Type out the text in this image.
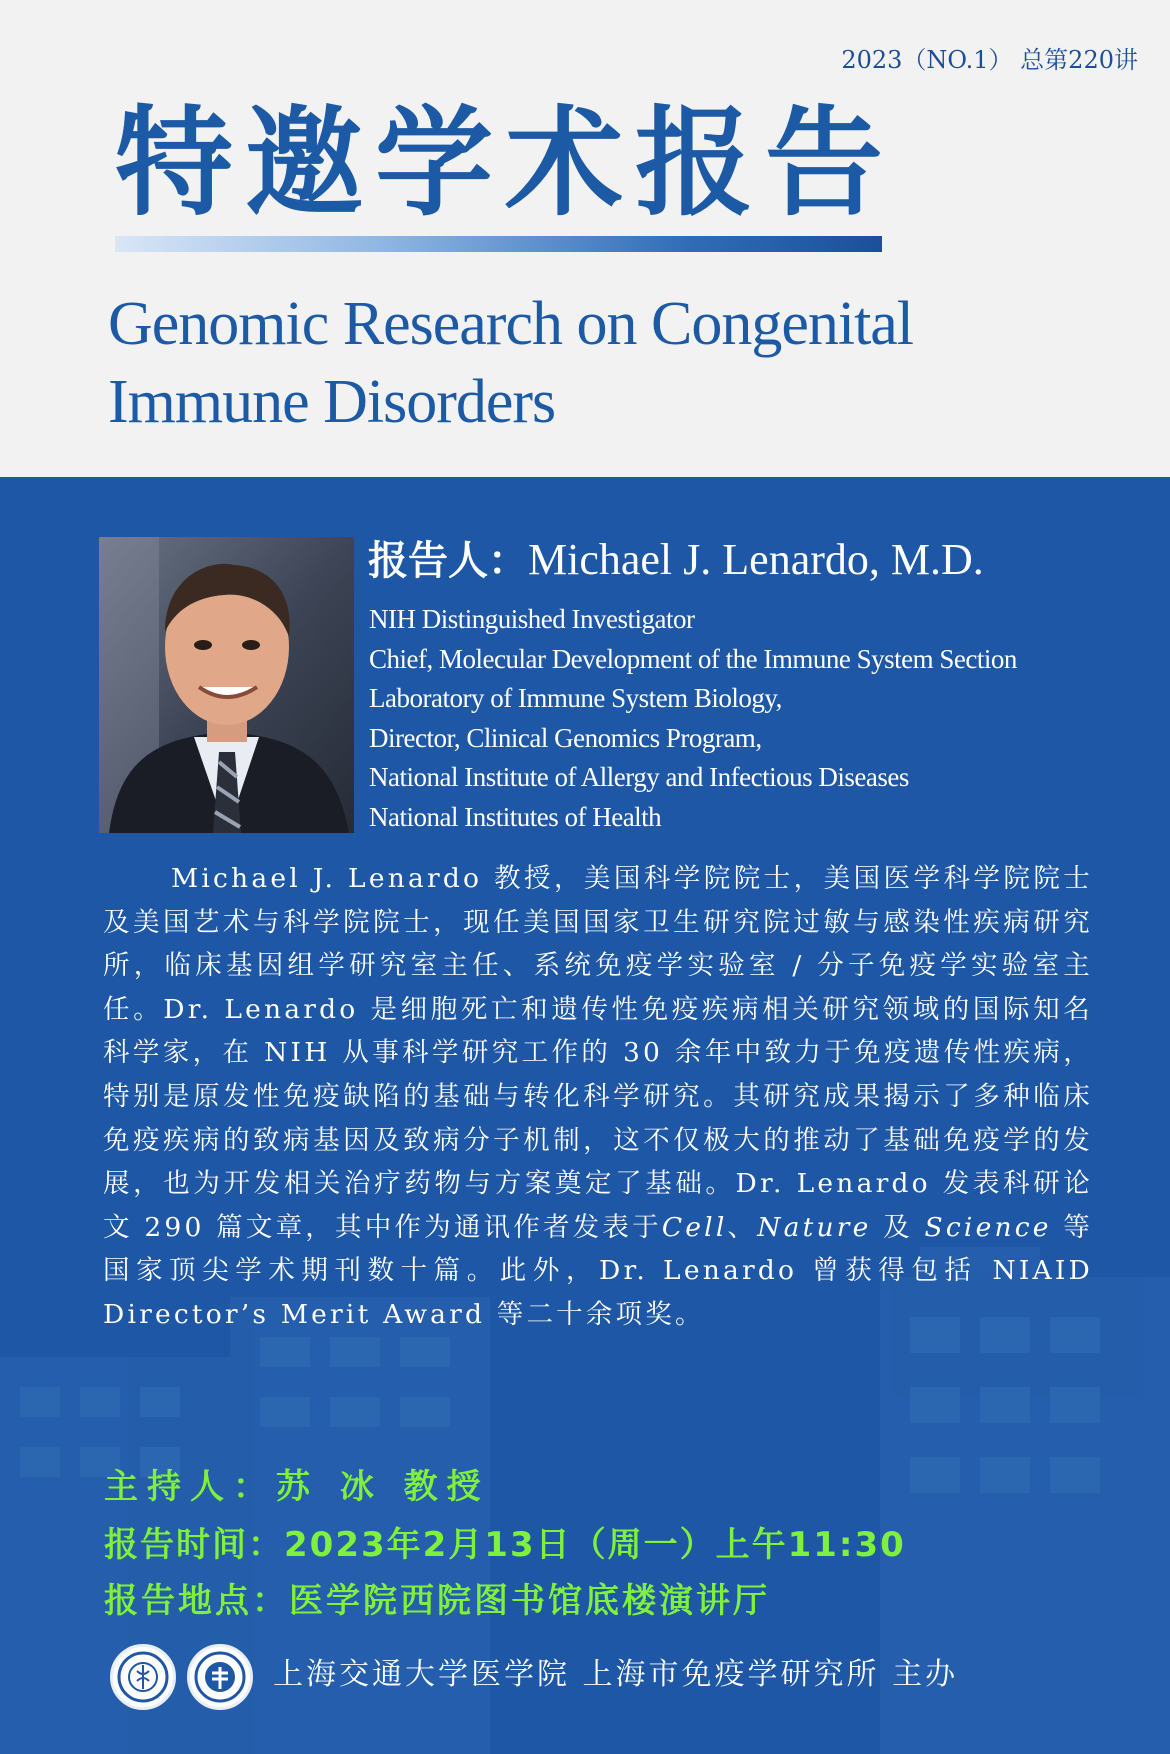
2023（NO.1） 总第220讲
特邀学术报告
Genomic Research on Congenital
Immune Disorders
报告人：Michael J. Lenardo, M.D.
NIH Distinguished Investigator
Chief, Molecular Development of the Immune System Section
Laboratory of Immune System Biology,
Director, Clinical Genomics Program,
National Institute of Allergy and Infectious Diseases
National Institutes of Health
Michael J. Lenardo 教授，美国科学院院士，美国医学科学院院士及美国艺术与科学院院士，现任美国国家卫生研究院过敏与感染性疾病研究所，临床基因组学研究室主任、系统免疫学实验室 / 分子免疫学实验室主任。Dr. Lenardo 是细胞死亡和遗传性免疫疾病相关研究领域的国际知名科学家，在 NIH 从事科学研究工作的 30 余年中致力于免疫遗传性疾病，特别是原发性免疫缺陷的基础与转化科学研究。其研究成果揭示了多种临床免疫疾病的致病基因及致病分子机制，这不仅极大的推动了基础免疫学的发展，也为开发相关治疗药物与方案奠定了基础。Dr. Lenardo 发表科研论文 290 篇文章，其中作为通讯作者发表于Cell、Nature 及 Science 等国家顶尖学术期刊数十篇。此外，Dr. Lenardo 曾获得包括 NIAID Director’s Merit Award 等二十余项奖。
主持人：苏 冰 教授
报告时间：2023年2月13日（周一）上午11:30
报告地点：医学院西院图书馆底楼演讲厅
上海交通大学医学院 上海市免疫学研究所 主办
